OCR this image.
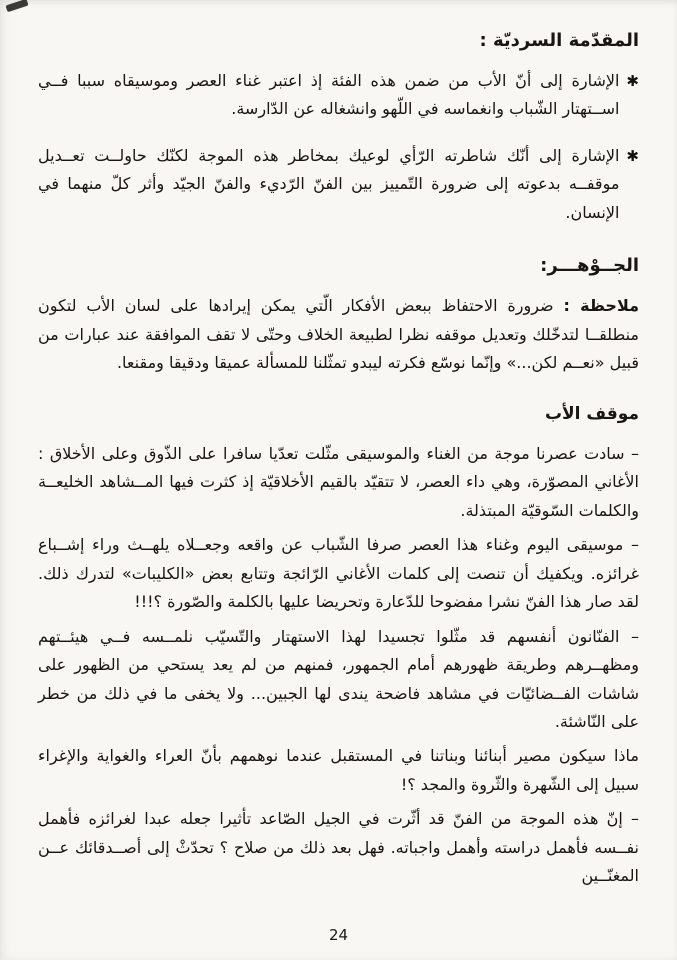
المقدّمة السرديّة :
✱

الإشارة إلى أنّ الأب من ضمن هذه الفئة إذ اعتبر غناء العصر وموسيقاه سببا فــي اســتهتار الشّباب وانغماسه في اللّهو وانشغاله عن الدّارسة.

✱

الإشارة إلى أنّك شاطرته الرّأي لوعيك بمخاطر هذه الموجة لكنّك حاولــت تعــديل موقفــه بدعوته إلى ضرورة التّمييز بين الفنّ الرّديء والفنّ الجيّد وأثر كلّ منهما في الإنسان.

الجــوْهـــر:

ملاحظة : ضرورة الاحتفاظ ببعض الأفكار الّتي يمكن إيرادها على لسان الأب لتكون منطلقــا لتدخّلك وتعديل موقفه نظرا لطبيعة الخلاف وحتّى لا تقف الموافقة عند عبارات من قبيل «نعــم لكن...» وإنّما نوسّع فكرته ليبدو تمثّلنا للمسألة عميقا ودقيقا ومقنعا.

موقف الأب

– سادت عصرنا موجة من الغناء والموسيقى مثّلت تعدّيا سافرا على الذّوق وعلى الأخلاق : الأغاني المصوّرة، وهي داء العصر، لا تتقيّد بالقيم الأخلاقيّة إذ كثرت فيها المــشاهد الخليعــة والكلمات السّوقيّة المبتذلة.

– موسيقى اليوم وغناء هذا العصر صرفا الشّباب عن واقعه وجعــلاه يلهــث وراء إشــباع غرائزه. ويكفيك أن تنصت إلى كلمات الأغاني الرّائجة وتتابع بعض «الكليبات» لتدرك ذلك. لقد صار هذا الفنّ نشرا مفضوحا للدّعارة وتحريضا عليها بالكلمة والصّورة ؟!!!

– الفنّانون أنفسهم قد مثّلوا تجسيدا لهذا الاستهتار والتّسيّب نلمــسه فــي هيئــتهم ومظهــرهم وطريقة ظهورهم أمام الجمهور، فمنهم من لم يعد يستحي من الظهور على شاشات الفــضائيّات في مشاهد فاضحة يندى لها الجبين... ولا يخفى ما في ذلك من خطر على النّاشئة.

ماذا سيكون مصير أبنائنا وبناتنا في المستقبل عندما نوهمهم بأنّ العراء والغواية والإغراء سبيل إلى الشّهرة والثّروة والمجد ؟!

– إنّ هذه الموجة من الفنّ قد أثّرت في الجيل الصّاعد تأثيرا جعله عبدا لغرائزه فأهمل نفــسه فأهمل دراسته وأهمل واجباته. فهل بعد ذلك من صلاح ؟ تحدّثْ إلى أصــدقائك عــن المغنّــين

24
